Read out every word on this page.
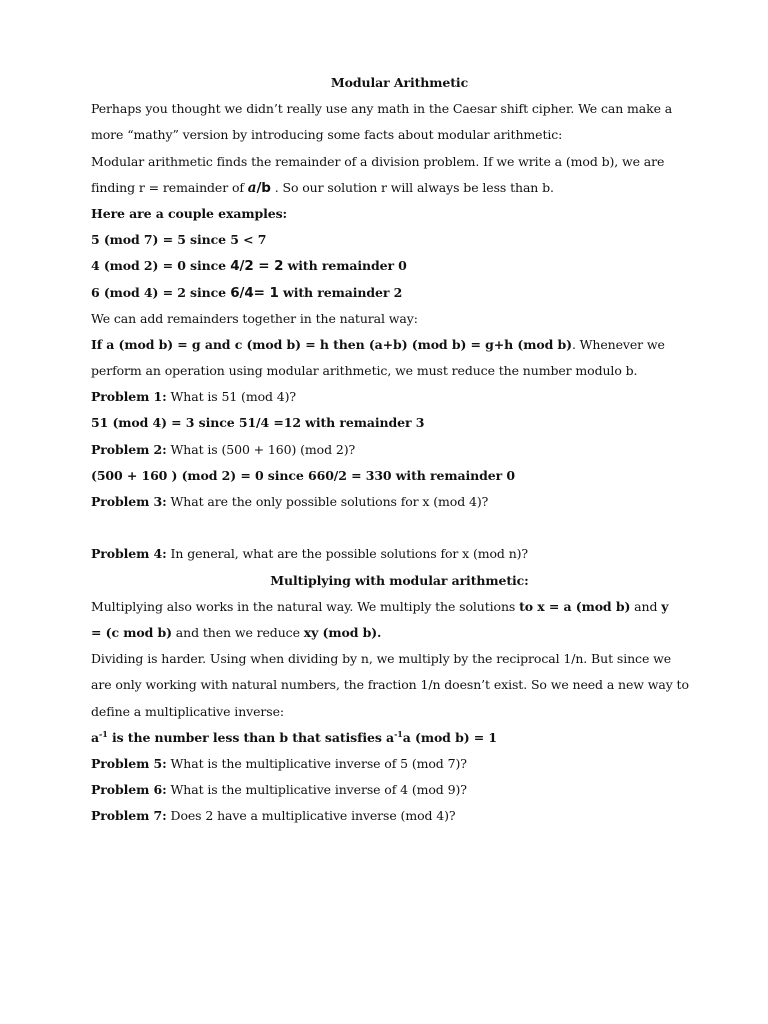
Modular Arithmetic
Perhaps you thought we didn’t really use any math in the Caesar shift cipher. We can make a
more “mathy” version by introducing some facts about modular arithmetic:
Modular arithmetic finds the remainder of a division problem. If we write a (mod b), we are
finding r = remainder of a/b . So our solution r will always be less than b.
Here are a couple examples:
5 (mod 7) = 5 since 5 < 7
4 (mod 2) = 0 since 4/2 = 2 with remainder 0
6 (mod 4) = 2 since 6/4= 1 with remainder 2
We can add remainders together in the natural way:
If a (mod b) = g and c (mod b) = h then (a+b) (mod b) = g+h (mod b). Whenever we
perform an operation using modular arithmetic, we must reduce the number modulo b.
Problem 1: What is 51 (mod 4)?
51 (mod 4) = 3 since 51/4 =12 with remainder 3
Problem 2: What is (500 + 160) (mod 2)?
(500 + 160 ) (mod 2) = 0 since 660/2 = 330 with remainder 0
Problem 3: What are the only possible solutions for x (mod 4)?
Problem 4: In general, what are the possible solutions for x (mod n)?
Multiplying with modular arithmetic:
Multiplying also works in the natural way. We multiply the solutions to x = a (mod b) and y
= (c mod b) and then we reduce xy (mod b).
Dividing is harder. Using when dividing by n, we multiply by the reciprocal 1/n. But since we
are only working with natural numbers, the fraction 1/n doesn’t exist. So we need a new way to
define a multiplicative inverse:
$a^{-1}$ is the number less than b that satisfies $a^{-1}a$ (mod b) = 1
Problem 5: What is the multiplicative inverse of 5 (mod 7)?
Problem 6: What is the multiplicative inverse of 4 (mod 9)?
Problem 7: Does 2 have a multiplicative inverse (mod 4)?
